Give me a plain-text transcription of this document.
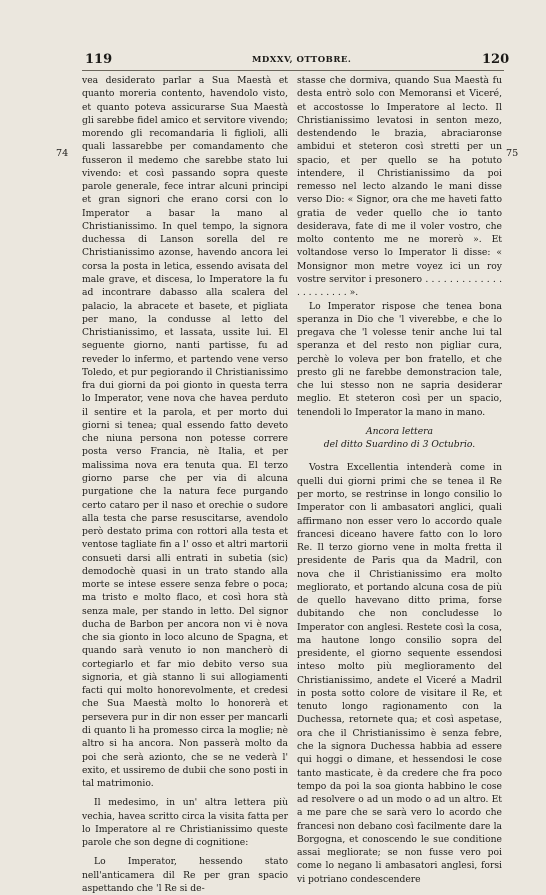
119	MDXXV, OTTOBRE.	120
74	75

vea desiderato parlar a Sua Maestà et quanto moreria contento, havendolo visto, et quanto poteva assicurarse Sua Maestà gli sarebbe fidel amico et servitore vivendo; morendo gli recomandaria li figlioli, alli quali lassarebbe per comandamento che fusseron il medemo che sarebbe stato lui vivendo: et così passando sopra queste parole generale, fece intrar alcuni principi et gran signori che erano corsi con lo Imperator a basar la mano al Christianissimo. In quel tempo, la signora duchessa di Lanson sorella del re Christianissimo azonse, havendo ancora lei corsa la posta in letica, essendo avisata del male grave, et discesa, lo Imperatore la fu ad incontrare dabasso alla scalera del palacio, la abracete et basete, et pigliata per mano, la condusse al letto del Christianissimo, et lassata, ussite lui. El seguente giorno, nanti partisse, fu ad reveder lo infermo, et partendo vene verso Toledo, et pur pegiorando il Christianissimo fra dui giorni da poi gionto in questa terra lo Imperator, vene nova che havea perduto il sentire et la parola, et per morto dui giorni si tenea; qual essendo fatto deveto che niuna persona non potesse correre posta verso Francia, nè Italia, et per malissima nova era tenuta qua. El terzo giorno parse che per via di alcuna purgatione che la natura fece purgando certo cataro per il naso et orechie o sudore alla testa che parse resuscitarse, avendolo però destato prima con rottori alla testa et ventose tagliate fin a l' osso et altri martorii consueti darsi alli entrati in subetia (sic) demodochè quasi in un trato stando alla morte se intese essere senza febre o poca; ma tristo e molto flaco, et così hora stà senza male, per stando in letto. Del signor ducha de Barbon per ancora non vi è nova che sia gionto in loco alcuno de Spagna, et quando sarà venuto io non mancherò di cortegiarlo et far mio debito verso sua signoria, et già stanno li sui allogiamenti facti qui molto honorevolmente, et credesi che Sua Maestà molto lo honorerà et persevera pur in dir non esser per mancarli di quanto li ha promesso circa la moglie; nè altro si ha ancora. Non passerà molto da poi che serà azionto, che se ne vederà l' exito, et ussiremo de dubii che sono posti in tal matrimonio.

Il medesimo, in un' altra lettera più vechia, havea scritto circa la visita fatta per lo Imperatore al re Christianissimo queste parole che son degne di cognitione:

Lo Imperator, hessendo stato nell'anticamera dil Re per gran spacio aspettando che 'l Re si de-

stasse che dormiva, quando Sua Maestà fu desta entrò solo con Memoransi et Viceré, et accostosse lo Imperatore al lecto. Il Christianissimo levatosi in senton mezo, destendendo le brazia, abraciaronse ambidui et steteron così stretti per un spacio, et per quello se ha potuto intendere, il Christianissimo da poi remesso nel lecto alzando le mani disse verso Dio: « Signor, ora che me haveti fatto gratia de veder quello che io tanto desiderava, fate di me il voler vostro, che molto contento me ne morerò ». Et voltandose verso lo Imperator li disse: « Monsignor mon metre voyez ici un roy vostre servitor i presonero . . . . . . . . . . . . . . . . . . . . . . ».

Lo Imperator rispose che tenea bona speranza in Dio che 'l viverebbe, e che lo pregava che 'l volesse tenir anche lui tal speranza et del resto non pigliar cura, perchè lo voleva per bon fratello, et che presto gli ne farebbe demonstracion tale, che lui stesso non ne sapria desiderar meglio. Et steteron così per un spacio, tenendoli lo Imperator la mano in mano.

Ancora lettera

del ditto Suardino di 3 Octubrio.

Vostra Excellentia intenderà come in quelli dui giorni primi che se tenea il Re per morto, se restrinse in longo consilio lo Imperator con li ambasatori anglici, quali affirmano non esser vero lo accordo quale francesi diceano havere fatto con lo loro Re. Il terzo giorno vene in molta fretta il presidente de Paris qua da Madril, con nova che il Christianissimo era molto megliorato, et portando alcuna cosa de più de quello havevano ditto prima, forse dubitando che non concludesse lo Imperator con anglesi. Restete così la cosa, ma hautone longo consilio sopra del presidente, el giorno sequente essendosi inteso molto più meglioramento del Christianissimo, andete el Viceré a Madril in posta sotto colore de visitare il Re, et tenuto longo ragionamento con la Duchessa, retornete qua; et così aspetase, ora che il Christianissimo è senza febre, che la signora Duchessa habbia ad essere qui hoggi o dimane, et hessendosi le cose tanto masticate, è da credere che fra poco tempo da poi la soa gionta habbino le cose ad resolvere o ad un modo o ad un altro. Et a me pare che se sarà vero lo acordo che francesi non debano così facilmente dare la Borgogna, et conoscendo le sue conditione assai megliorate; se non fusse vero poi come lo negano li ambasatori anglesi, forsi vi potriano condescendere
